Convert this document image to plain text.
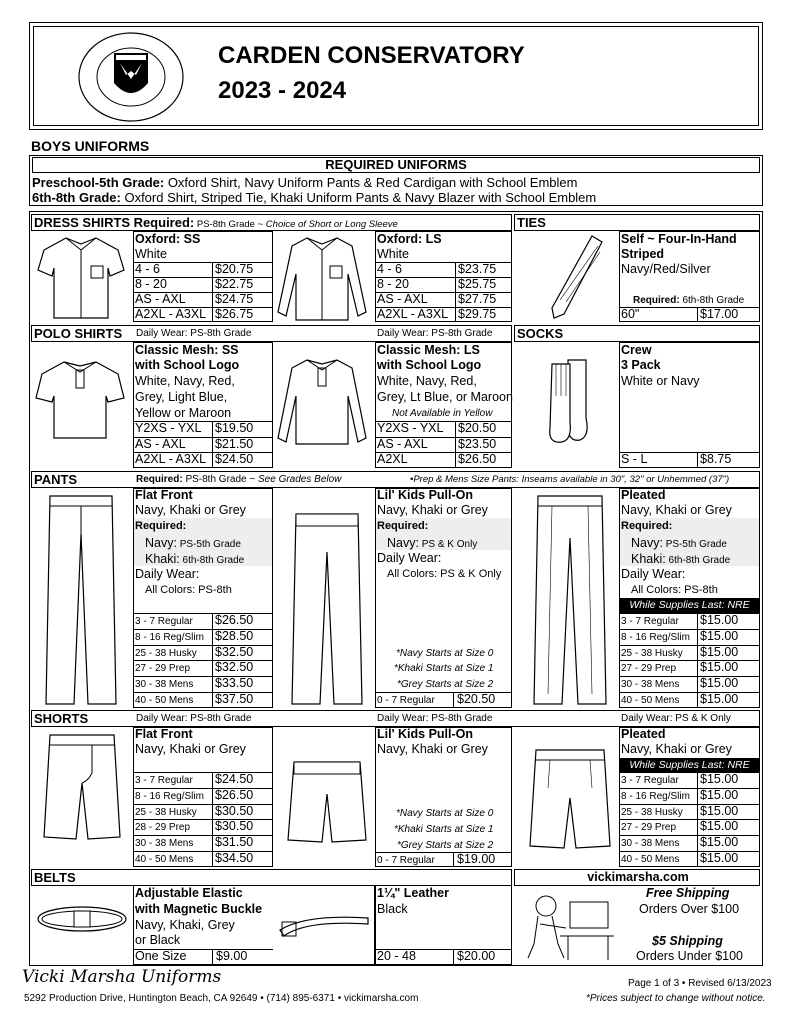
CARDEN CONSERVATORY
2023 - 2024
BOYS UNIFORMS
REQUIRED UNIFORMS
Preschool-5th Grade: Oxford Shirt, Navy Uniform Pants & Red Cardigan with School Emblem
6th-8th Grade: Oxford Shirt, Striped Tie, Khaki Uniform Pants & Navy Blazer with School Emblem
DRESS SHIRTS Required: PS-8th Grade ~ Choice of Short or Long Sleeve	TIES
Oxford: SS
White
4 - 6	$20.75
8 - 20	$22.75
AS - AXL $24.75
A2XL - A3XL $26.75
Oxford: LS
White
4 - 6	$23.75
8 - 20	$25.75
AS - AXL $27.75
A2XL - A3XL $29.75
Self ~ Four-In-Hand
Striped
Navy/Red/Silver
Required: 6th-8th Grade
60"	$17.00
POLO SHIRTS	Daily Wear: PS-8th Grade	Daily Wear: PS-8th Grade SOCKS
Classic Mesh: SS
with School Logo
White, Navy, Red,
Grey, Light Blue,
Yellow or Maroon
Y2XS - YXL $19.50
AS - AXL $21.50
A2XL - A3XL $24.50
Classic Mesh: LS
with School Logo
White, Navy, Red,
Grey, Lt Blue, or Maroon
Not Available in Yellow
Y2XS - YXL $20.50
AS - AXL $23.50
A2XL	$26.50
Crew
3 Pack
White or Navy
S - L	$8.75
PANTS	Required: PS-8th Grade ~ See Grades Below	•Prep & Mens Size Pants: Inseams available in 30", 32" or Unhemmed (37")
Flat Front
Navy, Khaki or Grey
Required:
Navy: PS-5th Grade
Khaki: 6th-8th Grade
Daily Wear:
All Colors: PS-8th
3 - 7 Regular $26.50
8 - 16 Reg/Slim $28.50
25 - 38 Husky $32.50
27 - 29 Prep $32.50
30 - 38 Mens $33.50
40 - 50 Mens $37.50
Lil' Kids Pull-On
Navy, Khaki or Grey
Required:
Navy: PS & K Only
Daily Wear:
All Colors: PS & K Only
*Navy Starts at Size 0
*Khaki Starts at Size 1
*Grey Starts at Size 2
0 - 7 Regular $20.50
Pleated
Navy, Khaki or Grey
Required:
Navy: PS-5th Grade
Khaki: 6th-8th Grade
Daily Wear:
All Colors: PS-8th
While Supplies Last: NRE
3 - 7 Regular $15.00
8 - 16 Reg/Slim $15.00
25 - 38 Husky $15.00
27 - 29 Prep $15.00
30 - 38 Mens $15.00
40 - 50 Mens $15.00
SHORTS	Daily Wear: PS-8th Grade	Daily Wear: PS-8th Grade	Daily Wear: PS & K Only
Flat Front
Navy, Khaki or Grey
3 - 7 Regular $24.50
8 - 16 Reg/Slim $26.50
25 - 38 Husky $30.50
28 - 29 Prep $30.50
30 - 38 Mens $31.50
40 - 50 Mens $34.50
Lil' Kids Pull-On
Navy, Khaki or Grey
*Navy Starts at Size 0
*Khaki Starts at Size 1
*Grey Starts at Size 2
0 - 7 Regular $19.00
Pleated
Navy, Khaki or Grey
While Supplies Last: NRE
3 - 7 Regular $15.00
8 - 16 Reg/Slim $15.00
25 - 38 Husky $15.00
27 - 29 Prep $15.00
30 - 38 Mens $15.00
40 - 50 Mens $15.00
BELTS	vickimarsha.com
Adjustable Elastic
with Magnetic Buckle
Navy, Khaki, Grey
or Black
One Size $9.00
1¼" Leather
Black
20 - 48	$20.00
Free Shipping
Orders Over $100
$5 Shipping
Orders Under $100
Vicki Marsha Uniforms
5292 Production Drive, Huntington Beach, CA 92649 • (714) 895-6371 • vickimarsha.com
Page 1 of 3 • Revised 6/13/2023
*Prices subject to change without notice.
